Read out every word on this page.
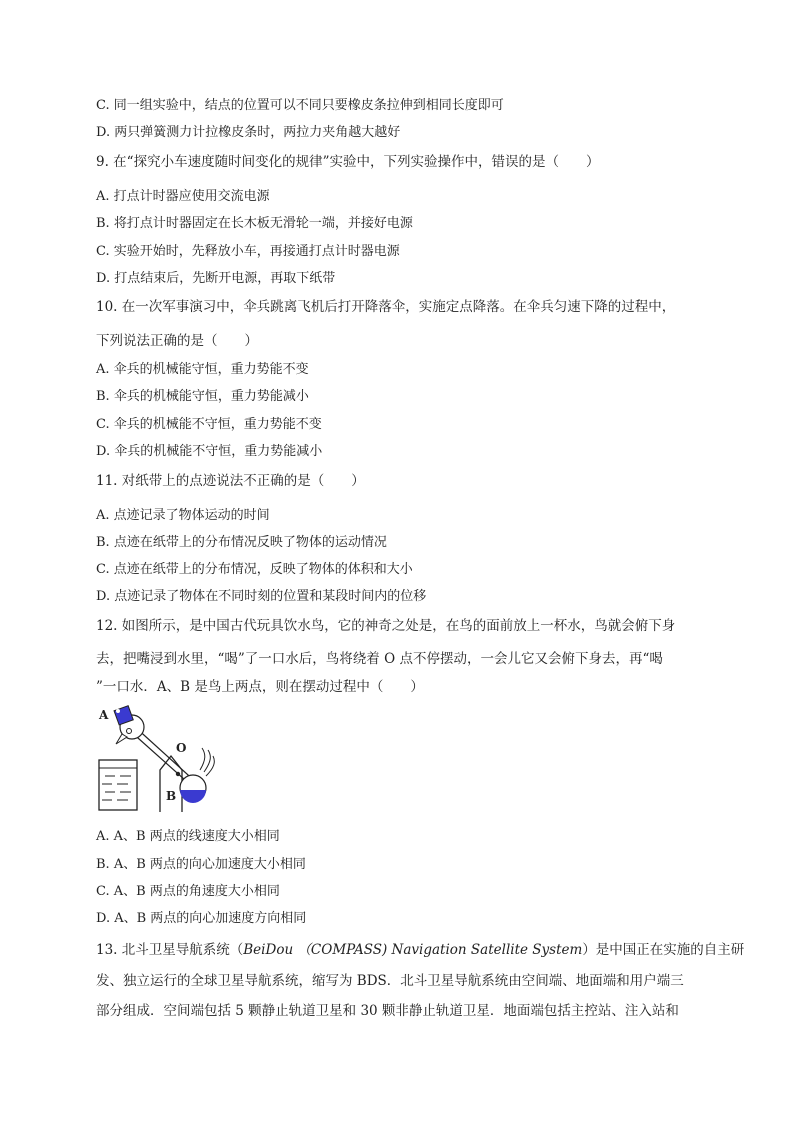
C. 同一组实验中，结点的位置可以不同只要橡皮条拉伸到相同长度即可
D. 两只弹簧测力计拉橡皮条时，两拉力夹角越大越好
9. 在“探究小车速度随时间变化的规律”实验中，下列实验操作中，错误的是（　　）
A. 打点计时器应使用交流电源
B. 将打点计时器固定在长木板无滑轮一端，并接好电源
C. 实验开始时，先释放小车，再接通打点计时器电源
D. 打点结束后，先断开电源，再取下纸带
10. 在一次军事演习中，伞兵跳离飞机后打开降落伞，实施定点降落。在伞兵匀速下降的过程中，
下列说法正确的是（　　）
A. 伞兵的机械能守恒，重力势能不变
B. 伞兵的机械能守恒，重力势能减小
C. 伞兵的机械能不守恒，重力势能不变
D. 伞兵的机械能不守恒，重力势能减小
11. 对纸带上的点迹说法不正确的是（　　）
A. 点迹记录了物体运动的时间
B. 点迹在纸带上的分布情况反映了物体的运动情况
C. 点迹在纸带上的分布情况，反映了物体的体积和大小
D. 点迹记录了物体在不同时刻的位置和某段时间内的位移
12. 如图所示，是中国古代玩具饮水鸟，它的神奇之处是，在鸟的面前放上一杯水，鸟就会俯下身
去，把嘴浸到水里，“喝”了一口水后，鸟将绕着 O 点不停摆动，一会儿它又会俯下身去，再“喝
”一口水．A、B 是鸟上两点，则在摆动过程中（　　）
A
O
B
A. A、B 两点的线速度大小相同
B. A、B 两点的向心加速度大小相同
C. A、B 两点的角速度大小相同
D. A、B 两点的向心加速度方向相同
13. 北斗卫星导航系统（BeiDou （COMPASS) Navigation Satellite System）是中国正在实施的自主研
发、独立运行的全球卫星导航系统，缩写为 BDS．北斗卫星导航系统由空间端、地面端和用户端三
部分组成．空间端包括 5 颗静止轨道卫星和 30 颗非静止轨道卫星．地面端包括主控站、注入站和
